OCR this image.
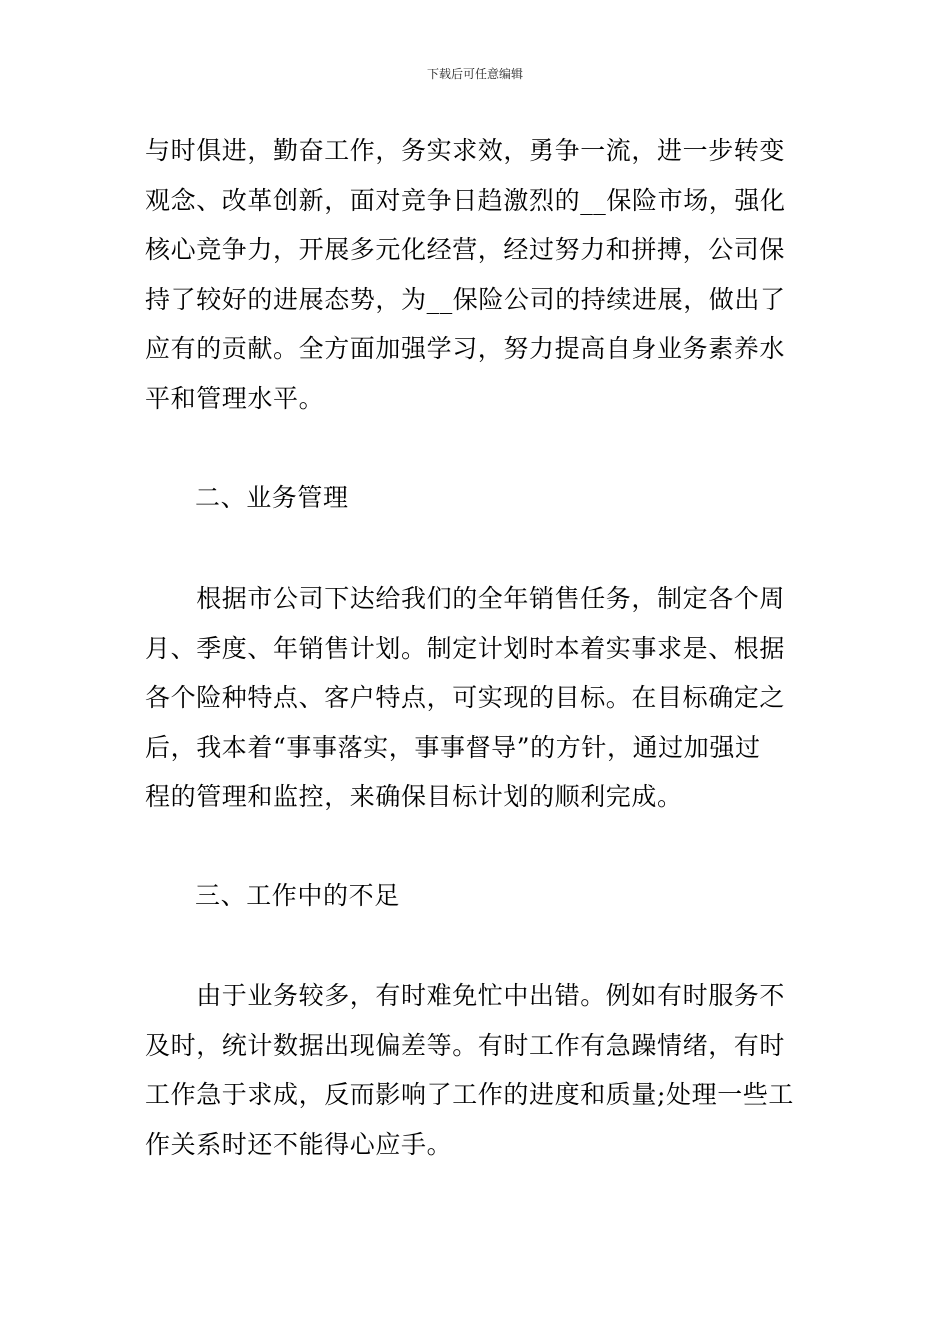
下载后可任意编辑
与时俱进，勤奋工作，务实求效，勇争一流，进一步转变
观念、改革创新，面对竞争日趋激烈的__保险市场，强化
核心竞争力，开展多元化经营，经过努力和拼搏，公司保
持了较好的进展态势，为__保险公司的持续进展，做出了
应有的贡献。全方面加强学习，努力提高自身业务素养水
平和管理水平。
二、业务管理
　　根据市公司下达给我们的全年销售任务，制定各个周
月、季度、年销售计划。制定计划时本着实事求是、根据
各个险种特点、客户特点，可实现的目标。在目标确定之
后，我本着“事事落实，事事督导”的方针，通过加强过
程的管理和监控，来确保目标计划的顺利完成。
三、工作中的不足
　　由于业务较多，有时难免忙中出错。例如有时服务不
及时，统计数据出现偏差等。有时工作有急躁情绪，有时
工作急于求成，反而影响了工作的进度和质量;处理一些工
作关系时还不能得心应手。
